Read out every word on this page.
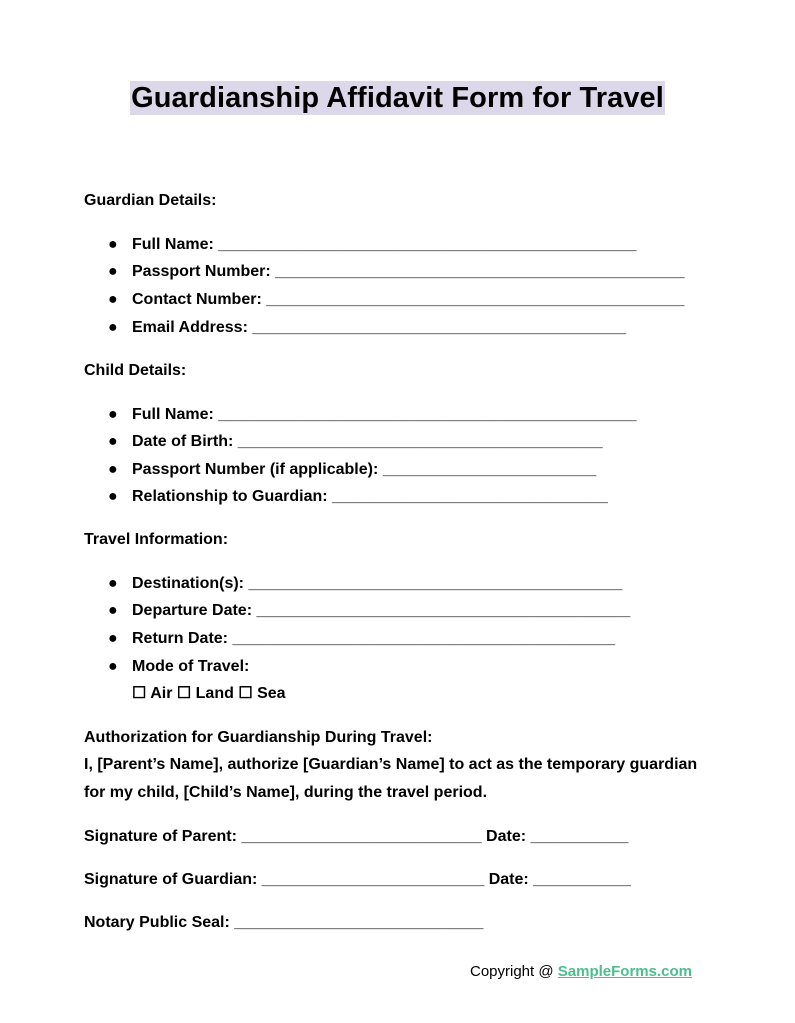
Guardianship Affidavit Form for Travel
Guardian Details:
● Full Name: _______________________________________________
● Passport Number: ______________________________________________
● Contact Number: _______________________________________________
● Email Address: __________________________________________
Child Details:
● Full Name: _______________________________________________
● Date of Birth: _________________________________________
● Passport Number (if applicable): ________________________
● Relationship to Guardian: _______________________________
Travel Information:
● Destination(s): __________________________________________
● Departure Date: __________________________________________
● Return Date: ___________________________________________
● Mode of Travel:
☐ Air ☐ Land ☐ Sea
Authorization for Guardianship During Travel:
I, [Parent’s Name], authorize [Guardian’s Name] to act as the temporary guardian for my child, [Child’s Name], during the travel period.
Signature of Parent: ___________________________ Date: ___________
Signature of Guardian: _________________________ Date: ___________
Notary Public Seal: ____________________________
Copyright @ SampleForms.com
